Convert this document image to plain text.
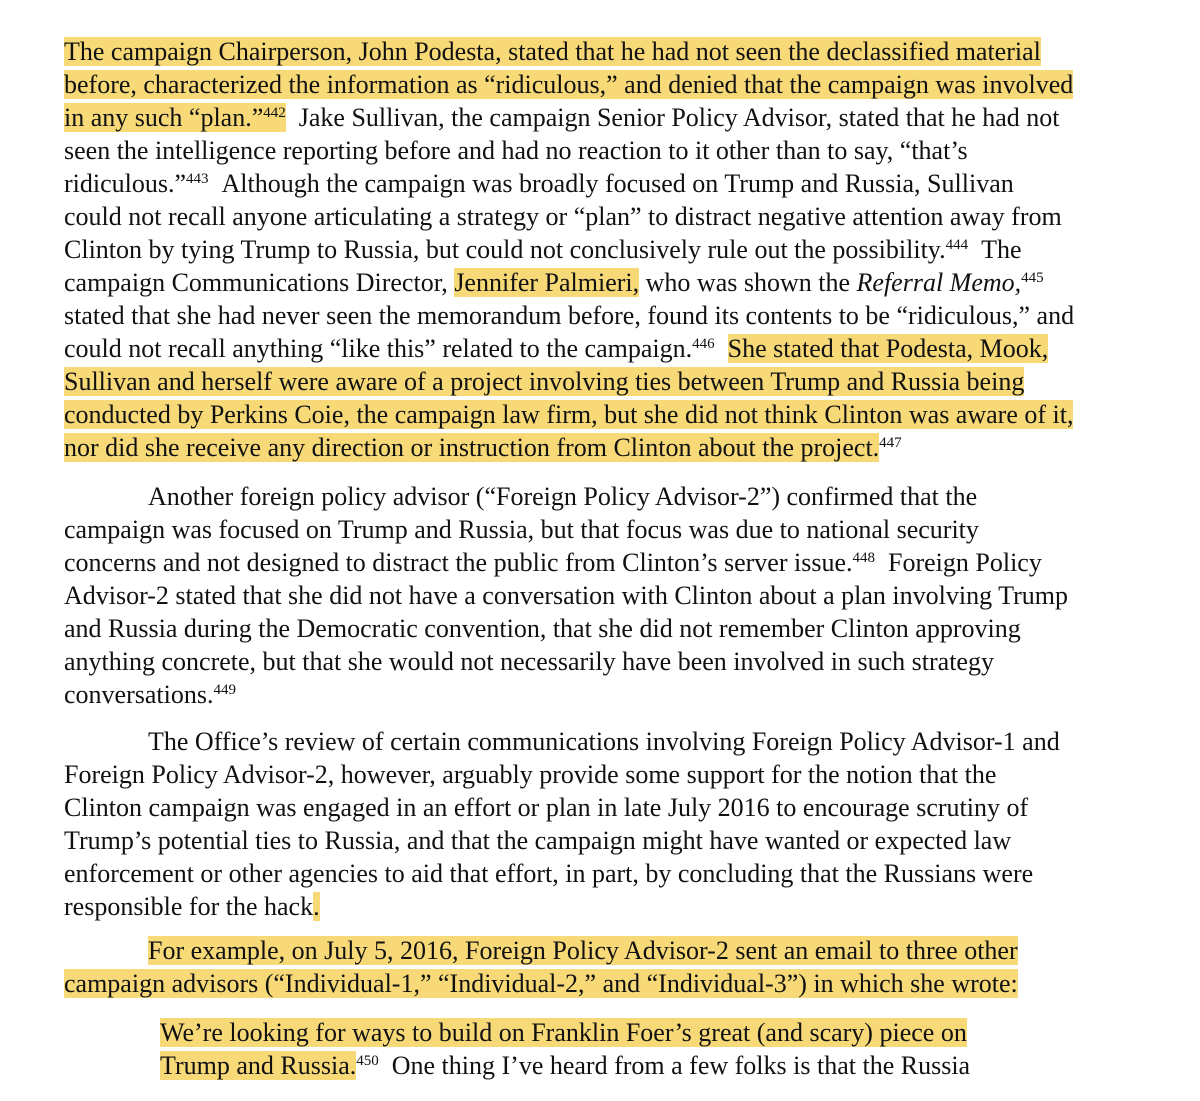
The campaign Chairperson, John Podesta, stated that he had not seen the declassified material
before, characterized the information as “ridiculous,” and denied that the campaign was involved
in any such “plan.”$^{442}$ Jake Sullivan, the campaign Senior Policy Advisor, stated that he had not
seen the intelligence reporting before and had no reaction to it other than to say, “that’s
ridiculous.”$^{443}$ Although the campaign was broadly focused on Trump and Russia, Sullivan
could not recall anyone articulating a strategy or “plan” to distract negative attention away from
Clinton by tying Trump to Russia, but could not conclusively rule out the possibility.$^{444}$ The
campaign Communications Director, Jennifer Palmieri, who was shown the Referral Memo,$^{445}$
stated that she had never seen the memorandum before, found its contents to be “ridiculous,” and
could not recall anything “like this” related to the campaign.$^{446}$ She stated that Podesta, Mook,
Sullivan and herself were aware of a project involving ties between Trump and Russia being
conducted by Perkins Coie, the campaign law firm, but she did not think Clinton was aware of it,
nor did she receive any direction or instruction from Clinton about the project.$^{447}$
Another foreign policy advisor (“Foreign Policy Advisor-2”) confirmed that the
campaign was focused on Trump and Russia, but that focus was due to national security
concerns and not designed to distract the public from Clinton’s server issue.$^{448}$ Foreign Policy
Advisor-2 stated that she did not have a conversation with Clinton about a plan involving Trump
and Russia during the Democratic convention, that she did not remember Clinton approving
anything concrete, but that she would not necessarily have been involved in such strategy
conversations.$^{449}$
The Office’s review of certain communications involving Foreign Policy Advisor-1 and
Foreign Policy Advisor-2, however, arguably provide some support for the notion that the
Clinton campaign was engaged in an effort or plan in late July 2016 to encourage scrutiny of
Trump’s potential ties to Russia, and that the campaign might have wanted or expected law
enforcement or other agencies to aid that effort, in part, by concluding that the Russians were
responsible for the hack.
For example, on July 5, 2016, Foreign Policy Advisor-2 sent an email to three other
campaign advisors (“Individual-1,” “Individual-2,” and “Individual-3”) in which she wrote:
We’re looking for ways to build on Franklin Foer’s great (and scary) piece on
Trump and Russia.$^{450}$ One thing I’ve heard from a few folks is that the Russia
